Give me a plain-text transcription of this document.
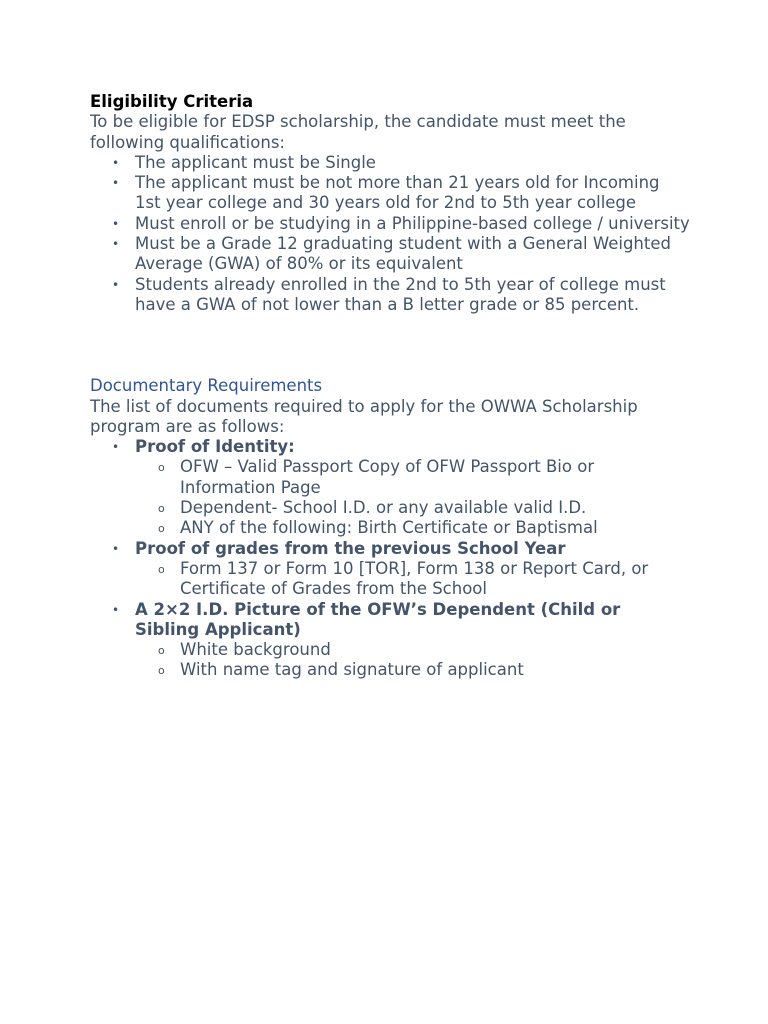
Eligibility Criteria

To be eligible for EDSP scholarship, the candidate must meet the following qualifications:

• The applicant must be Single
• The applicant must be not more than 21 years old for Incoming 1st year college and 30 years old for 2nd to 5th year college
• Must enroll or be studying in a Philippine-based college / university
• Must be a Grade 12 graduating student with a General Weighted Average (GWA) of 80% or its equivalent
• Students already enrolled in the 2nd to 5th year of college must have a GWA of not lower than a B letter grade or 85 percent.
Documentary Requirements

The list of documents required to apply for the OWWA Scholarship program are as follows:

• Proof of Identity:
o OFW – Valid Passport Copy of OFW Passport Bio or Information Page
o Dependent- School I.D. or any available valid I.D.
o ANY of the following: Birth Certificate or Baptismal
• Proof of grades from the previous School Year
o Form 137 or Form 10 [TOR], Form 138 or Report Card, or Certificate of Grades from the School
• A 2×2 I.D. Picture of the OFW’s Dependent (Child or Sibling Applicant)
o White background
o With name tag and signature of applicant
